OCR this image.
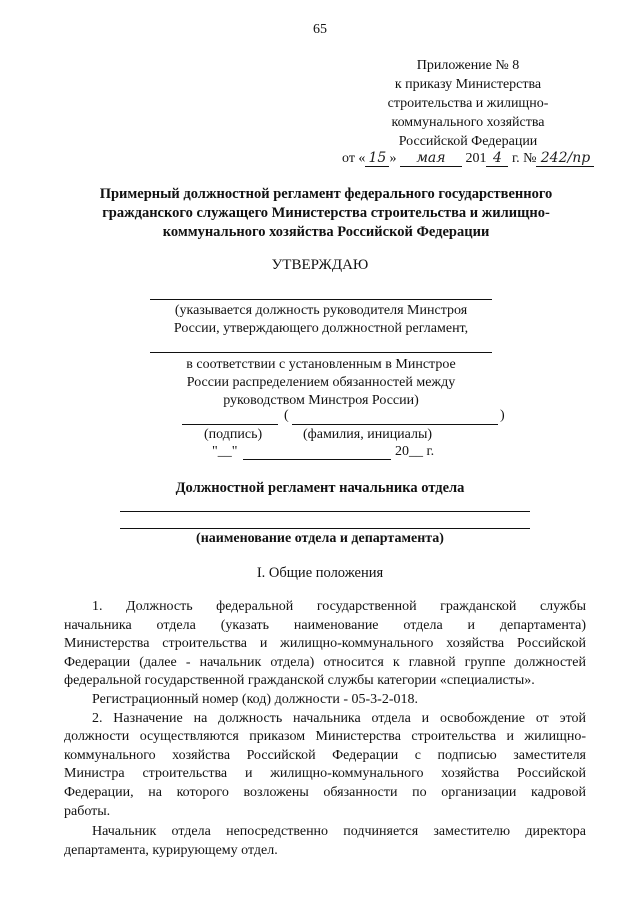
65
Приложение № 8
к приказу Министерства
строительства и жилищно-
коммунального хозяйства
Российской Федерации
от « 15 » мая 201 4 г. № 242/пр
Примерный должностной регламент федерального государственного
гражданского служащего Министерства строительства и жилищно-
коммунального хозяйства Российской Федерации
УТВЕРЖДАЮ
(указывается должность руководителя Минстроя
России, утверждающего должностной регламент,
в соответствии с установленным в Минстрое
России распределением обязанностей между
руководством Минстроя России)
(	)
(подпись)	(фамилия, инициалы)
"__"	20__ г.
Должностной регламент начальника отдела
(наименование отдела и департамента)
I. Общие положения
1. Должность федеральной государственной гражданской службы
начальника отдела (указать наименование отдела и департамента)
Министерства строительства и жилищно-коммунального хозяйства Российской
Федерации (далее - начальник отдела) относится к главной группе должностей
федеральной государственной гражданской службы категории «специалисты».
Регистрационный номер (код) должности - 05-3-2-018.
2. Назначение на должность начальника отдела и освобождение от этой
должности осуществляются приказом Министерства строительства и жилищно-
коммунального хозяйства Российской Федерации с подписью заместителя
Министра строительства и жилищно-коммунального хозяйства Российской
Федерации, на которого возложены обязанности по организации кадровой
работы.
Начальник отдела непосредственно подчиняется заместителю директора
департамента, курирующему отдел.
